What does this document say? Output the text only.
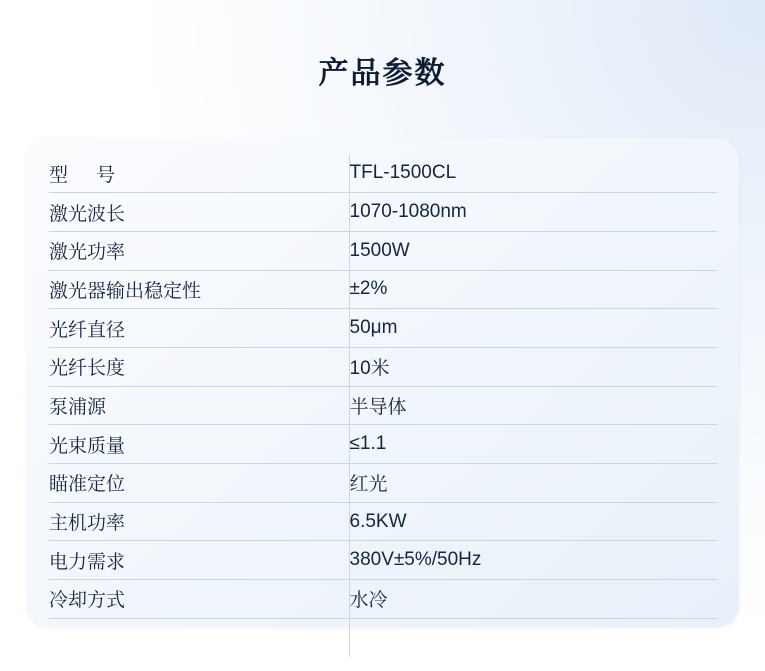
产品参数
型 号	TFL-1500CL
激光波长	1070-1080nm
激光功率	1500W
激光器输出稳定性	±2%
光纤直径	50μm
光纤长度	10米
泵浦源	半导体
光束质量	≤1.1
瞄准定位	红光
主机功率	6.5KW
电力需求	380V±5%/50Hz
冷却方式	水冷
